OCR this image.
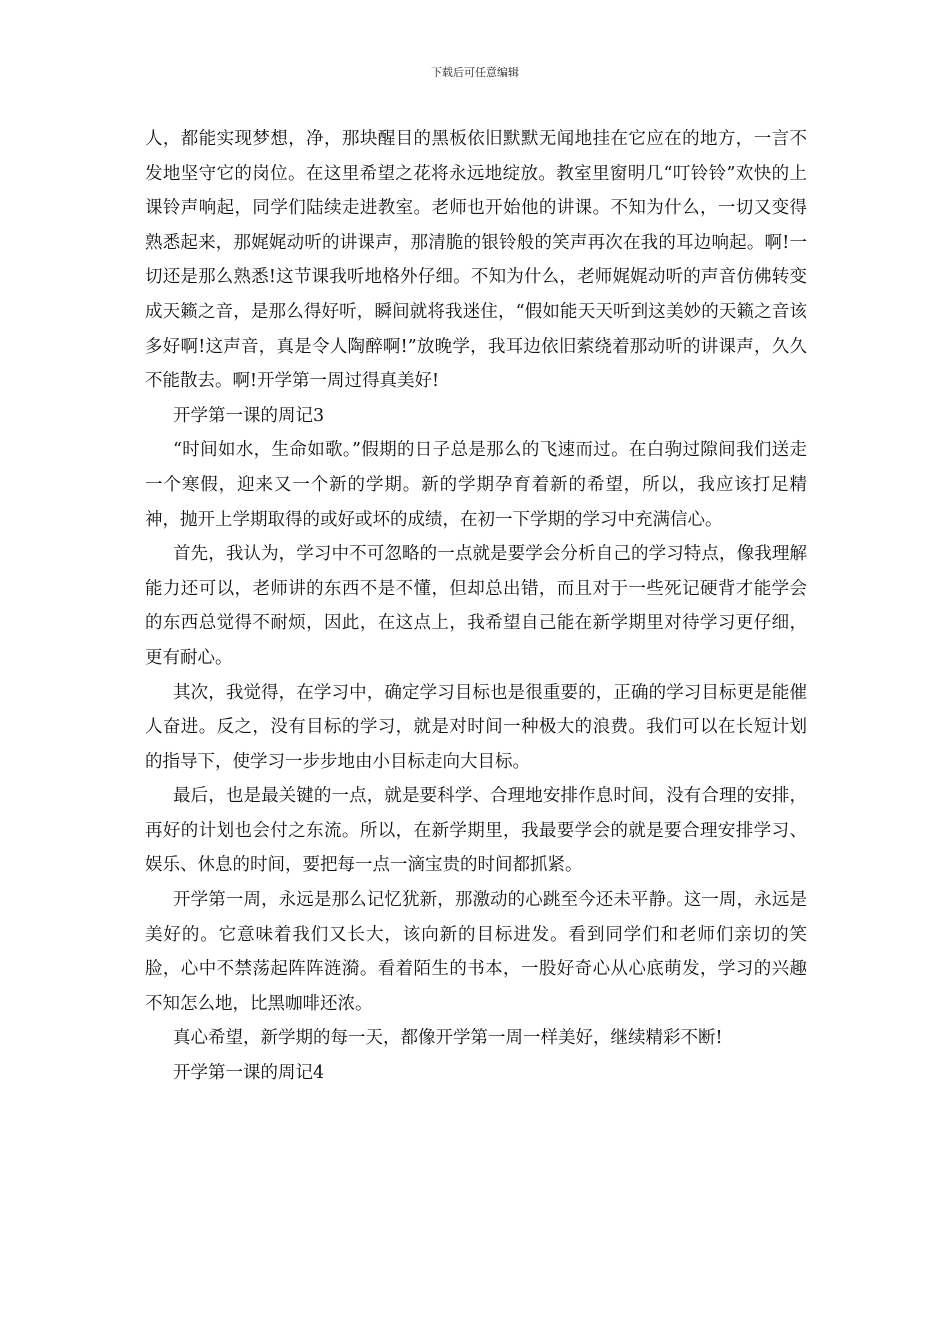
下载后可任意编辑

人，都能实现梦想，净，那块醒目的黑板依旧默默无闻地挂在它应在的地方，一言不发地坚守它的岗位。在这里希望之花将永远地绽放。教室里窗明几“叮铃铃”欢快的上课铃声响起，同学们陆续走进教室。老师也开始他的讲课。不知为什么，一切又变得熟悉起来，那娓娓动听的讲课声，那清脆的银铃般的笑声再次在我的耳边响起。啊!一切还是那么熟悉!这节课我听地格外仔细。不知为什么，老师娓娓动听的声音仿佛转变成天籁之音，是那么得好听，瞬间就将我迷住，“假如能天天听到这美妙的天籁之音该多好啊!这声音，真是令人陶醉啊!”放晚学，我耳边依旧萦绕着那动听的讲课声，久久不能散去。啊!开学第一周过得真美好!

开学第一课的周记3

“时间如水，生命如歌。”假期的日子总是那么的飞速而过。在白驹过隙间我们送走一个寒假，迎来又一个新的学期。新的学期孕育着新的希望，所以，我应该打足精神，抛开上学期取得的或好或坏的成绩，在初一下学期的学习中充满信心。

首先，我认为，学习中不可忽略的一点就是要学会分析自己的学习特点，像我理解能力还可以，老师讲的东西不是不懂，但却总出错，而且对于一些死记硬背才能学会的东西总觉得不耐烦，因此，在这点上，我希望自己能在新学期里对待学习更仔细，更有耐心。

其次，我觉得，在学习中，确定学习目标也是很重要的，正确的学习目标更是能催人奋进。反之，没有目标的学习，就是对时间一种极大的浪费。我们可以在长短计划的指导下，使学习一步步地由小目标走向大目标。

最后，也是最关键的一点，就是要科学、合理地安排作息时间，没有合理的安排，再好的计划也会付之东流。所以，在新学期里，我最要学会的就是要合理安排学习、娱乐、休息的时间，要把每一点一滴宝贵的时间都抓紧。

开学第一周，永远是那么记忆犹新，那激动的心跳至今还未平静。这一周，永远是美好的。它意味着我们又长大，该向新的目标进发。看到同学们和老师们亲切的笑脸，心中不禁荡起阵阵涟漪。看着陌生的书本，一股好奇心从心底萌发，学习的兴趣不知怎么地，比黑咖啡还浓。

真心希望，新学期的每一天，都像开学第一周一样美好，继续精彩不断!

开学第一课的周记4
